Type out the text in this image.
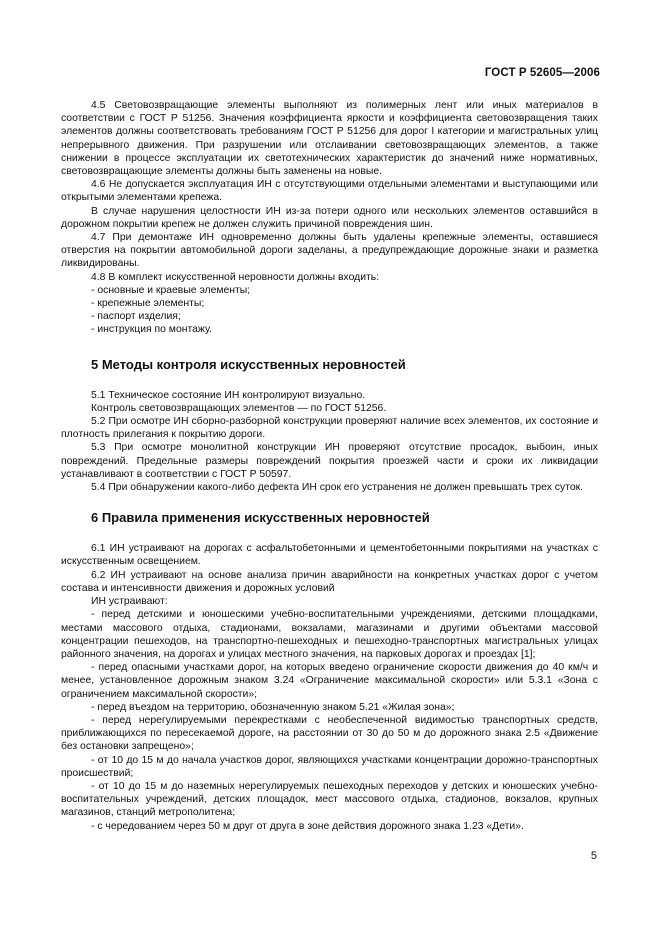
ГОСТ Р 52605—2006

4.5 Световозвращающие элементы выполняют из полимерных лент или иных материалов в соответствии с ГОСТ Р 51256. Значения коэффициента яркости и коэффициента световозвращения таких элементов должны соответствовать требованиям ГОСТ Р 51256 для дорог I категории и магистральных улиц непрерывного движения. При разрушении или отслаивании световозвращающих элементов, а также снижении в процессе эксплуатации их светотехнических характеристик до значений ниже нормативных, световозвращающие элементы должны быть заменены на новые.

4.6 Не допускается эксплуатация ИН с отсутствующими отдельными элементами и выступающими или открытыми элементами крепежа.

В случае нарушения целостности ИН из-за потери одного или нескольких элементов оставшийся в дорожном покрытии крепеж не должен служить причиной повреждения шин.

4.7 При демонтаже ИН одновременно должны быть удалены крепежные элементы, оставшиеся отверстия на покрытии автомобильной дороги заделаны, а предупреждающие дорожные знаки и разметка ликвидированы.

4.8 В комплект искусственной неровности должны входить:

- основные и краевые элементы;

- крепежные элементы;

- паспорт изделия;

- инструкция по монтажу.

5 Методы контроля искусственных неровностей

5.1 Техническое состояние ИН контролируют визуально.

Контроль световозвращающих элементов — по ГОСТ 51256.

5.2 При осмотре ИН сборно-разборной конструкции проверяют наличие всех элементов, их состояние и плотность прилегания к покрытию дороги.

5.3 При осмотре монолитной конструкции ИН проверяют отсутствие просадок, выбоин, иных повреждений. Предельные размеры повреждений покрытия проезжей части и сроки их ликвидации устанавливают в соответствии с ГОСТ Р 50597.

5.4 При обнаружении какого-либо дефекта ИН срок его устранения не должен превышать трех суток.

6 Правила применения искусственных неровностей

6.1 ИН устраивают на дорогах с асфальтобетонными и цементобетонными покрытиями на участках с искусственным освещением.

6.2 ИН устраивают на основе анализа причин аварийности на конкретных участках дорог с учетом состава и интенсивности движения и дорожных условий

ИН устраивают:

- перед детскими и юношескими учебно-воспитательными учреждениями, детскими площадками, местами массового отдыха, стадионами, вокзалами, магазинами и другими объектами массовой концентрации пешеходов, на транспортно-пешеходных и пешеходно-транспортных магистральных улицах районного значения, на дорогах и улицах местного значения, на парковых дорогах и проездах [1];

- перед опасными участками дорог, на которых введено ограничение скорости движения до 40 км/ч и менее, установленное дорожным знаком 3.24 «Ограничение максимальной скорости» или 5.3.1 «Зона с ограничением максимальной скорости»;

- перед въездом на территорию, обозначенную знаком 5.21 «Жилая зона»;

- перед нерегулируемыми перекрестками с необеспеченной видимостью транспортных средств, приближающихся по пересекаемой дороге, на расстоянии от 30 до 50 м до дорожного знака 2.5 «Движение без остановки запрещено»;

- от 10 до 15 м до начала участков дорог, являющихся участками концентрации дорожно-транспортных происшествий;

- от 10 до 15 м до наземных нерегулируемых пешеходных переходов у детских и юношеских учебно-воспитательных учреждений, детских площадок, мест массового отдыха, стадионов, вокзалов, крупных магазинов, станций метрополитена;

- с чередованием через 50 м друг от друга в зоне действия дорожного знака 1.23 «Дети».

5
